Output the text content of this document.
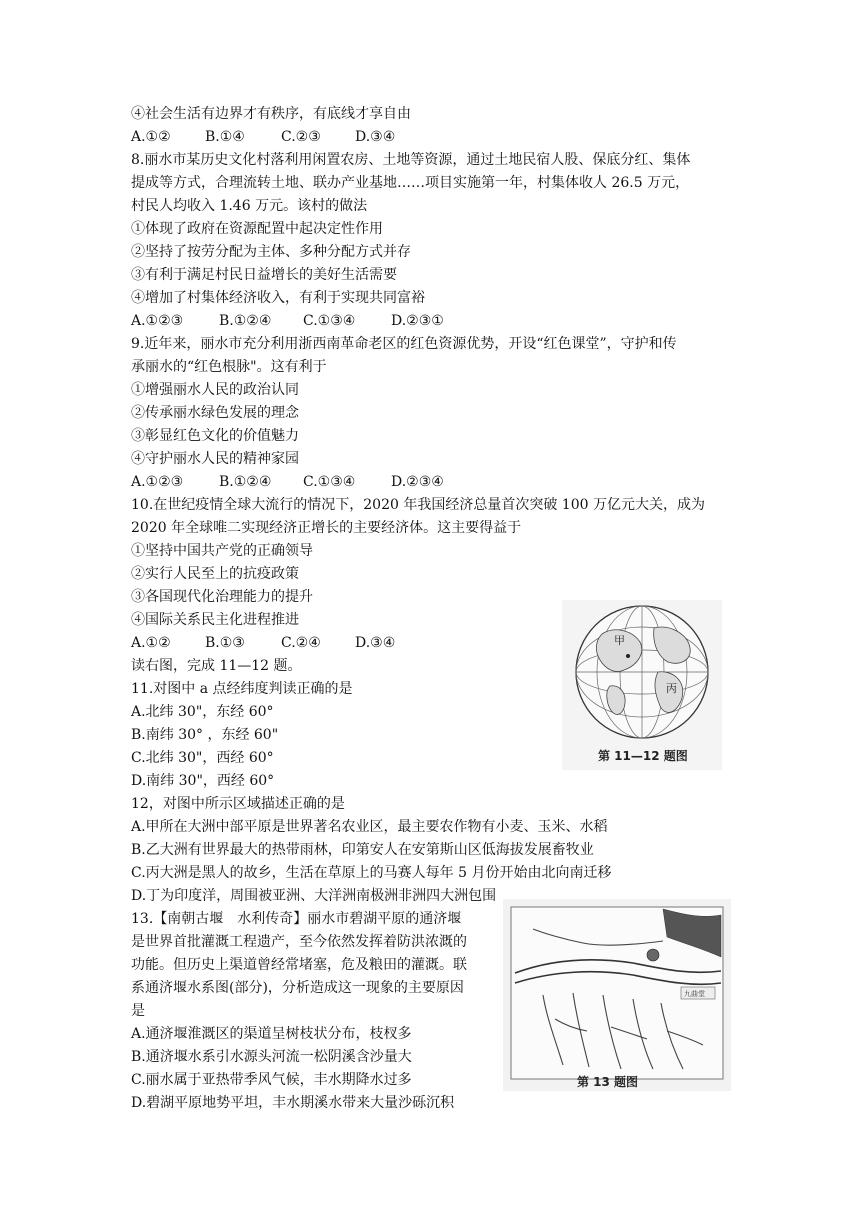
④社会生活有边界才有秩序，有底线才享自由
A.①② B.①④	C.②③ D.③④
8.丽水市某历史文化村落利用闲置农房、土地等资源，通过土地民宿人股、保底分红、集体
提成等方式，合理流转土地、联办产业基地……项目实施第一年，村集体收人 26.5 万元，
村民人均收入 1.46 万元。该村的做法
①体现了政府在资源配置中起决定性作用
②坚持了按劳分配为主体、多种分配方式并存
③有利于满足村民日益增长的美好生活需要
④增加了村集体经济收入，有利于实现共同富裕
A.①②③	B.①②④ C.①③④	D.②③①
9.近年来，丽水市充分利用浙西南革命老区的红色资源优势，开设“红色课堂”，守护和传
承丽水的“红色根脉"。这有利于
①增强丽水人民的政治认同
②传承丽水绿色发展的理念
③彰显红色文化的价值魅力
④守护丽水人民的精神家园
A.①②③	B.①②④ C.①③④	D.②③④
10.在世纪疫情全球大流行的情况下，2020 年我国经济总量首次突破 100 万亿元大关，成为
2020 年全球唯二实现经济正增长的主要经济体。这主要得益于
①坚持中国共产党的正确领导
②实行人民至上的抗疫政策
③各国现代化治理能力的提升
④国际关系民主化进程推进
A.①② B.①③	C.②④ D.③④
读右图，完成 11—12 题。
11.对图中 a 点经纬度判读正确的是
A.北纬 30"，东经 60°
B.南纬 30° ，东经 60"
C.北纬 30"，西经 60°
D.南纬 30"，西经 60°
12，对图中所示区域描述正确的是
A.甲所在大洲中部平原是世界著名农业区，最主要农作物有小麦、玉米、水稻
B.乙大洲有世界最大的热带雨林，印第安人在安第斯山区低海拔发展畜牧业
C.丙大洲是黑人的故乡，生活在草原上的马赛人每年 5 月份开始由北向南迁移
D.丁为印度洋，周围被亚洲、大洋洲南极洲非洲四大洲包围
13.【南朝古堰　水利传奇】丽水市碧湖平原的通济堰
是世界首批灌溉工程遗产，至今依然发挥着防洪浓溉的
功能。但历史上渠道曾经常堵塞，危及粮田的灌溉。联
系通济堰水系图(部分)，分析造成这一现象的主要原因
是
A.通济堰淮溉区的渠道呈树枝状分布，枝杈多
B.通济堰水系引水源头河流一松阴溪含沙量大
C.丽水属于亚热带季风气候，丰水期降水过多
D.碧湖平原地势平坦，丰水期溪水带来大量沙砾沉积
甲
丙
第 11—12 题图
九曲堂
第 13 题图
